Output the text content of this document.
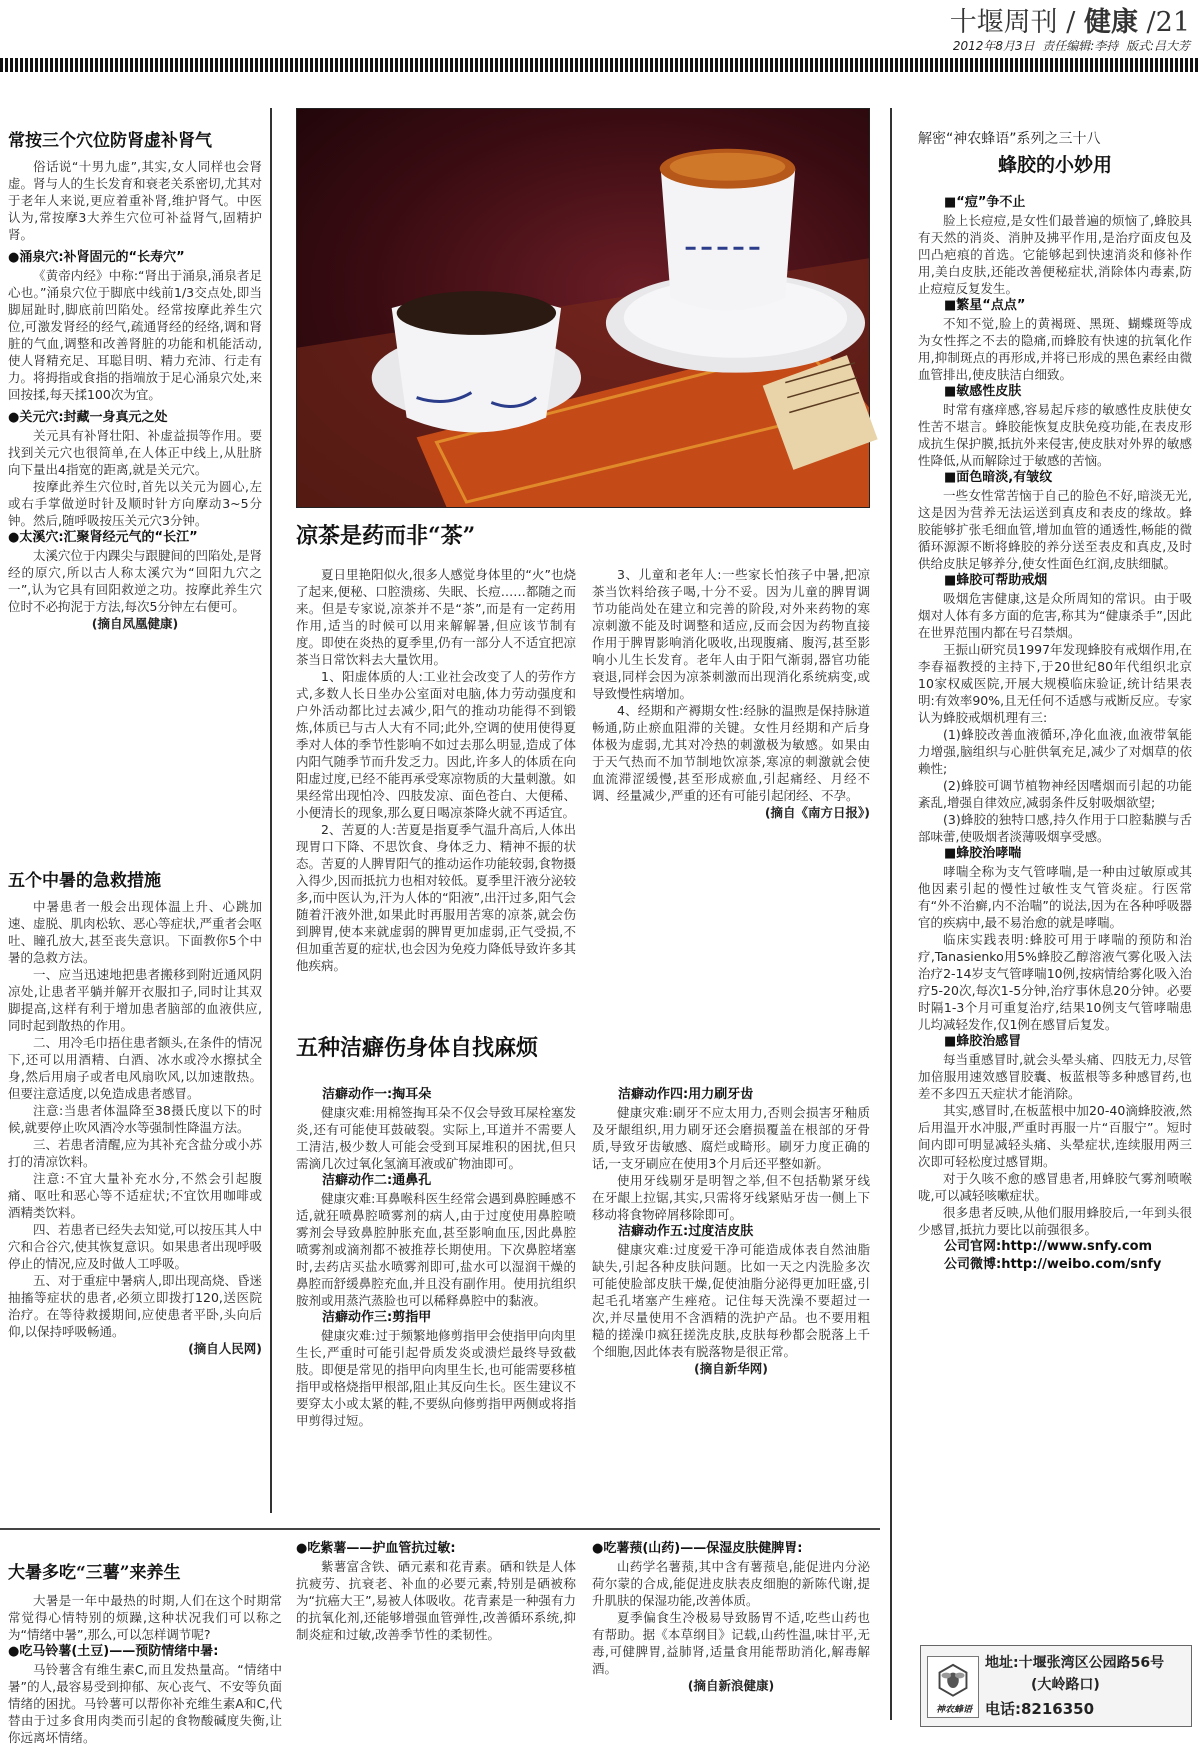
十堰周刊 / 健康 /21
2012年8月3日 责任编辑:李持 版式:吕大芳
常按三个穴位防肾虚补肾气
俗话说“十男九虚”,其实,女人同样也会肾虚。肾与人的生长发育和衰老关系密切,尤其对于老年人来说,更应着重补肾,维护肾气。中医认为,常按摩3大养生穴位可补益肾气,固精护肾。
●涌泉穴:补肾固元的“长寿穴”
《黄帝内经》中称:“肾出于涌泉,涌泉者足心也。”涌泉穴位于脚底中线前1/3交点处,即当脚屈趾时,脚底前凹陷处。经常按摩此养生穴位,可激发肾经的经气,疏通肾经的经络,调和肾脏的气血,调整和改善肾脏的功能和机能活动,使人肾精充足、耳聪目明、精力充沛、行走有力。将拇指或食指的指端放于足心涌泉穴处,来回按揉,每天揉100次为宜。
●关元穴:封藏一身真元之处
关元具有补肾壮阳、补虚益损等作用。要找到关元穴也很简单,在人体正中线上,从肚脐向下量出4指宽的距离,就是关元穴。
按摩此养生穴位时,首先以关元为圆心,左或右手掌做逆时针及顺时针方向摩动3~5分钟。然后,随呼吸按压关元穴3分钟。
●太溪穴:汇聚肾经元气的“长江”
太溪穴位于内踝尖与跟腱间的凹陷处,是肾经的原穴,所以古人称太溪穴为“回阳九穴之一”,认为它具有回阳救逆之功。按摩此养生穴位时不必拘泥于方法,每次5分钟左右便可。
(摘自凤凰健康)
五个中暑的急救措施
中暑患者一般会出现体温上升、心跳加速、虚脱、肌肉松软、恶心等症状,严重者会呕吐、瞳孔放大,甚至丧失意识。下面教你5个中暑的急救方法。
一、应当迅速地把患者搬移到附近通风阴凉处,让患者平躺并解开衣服扣子,同时让其双脚提高,这样有利于增加患者脑部的血液供应,同时起到散热的作用。
二、用冷毛巾捂住患者额头,在条件的情况下,还可以用酒精、白酒、冰水或冷水擦拭全身,然后用扇子或者电风扇吹风,以加速散热。但要注意适度,以免造成患者感冒。
注意:当患者体温降至38摄氏度以下的时候,就要停止吹风酒冷水等强制性降温方法。
三、若患者清醒,应为其补充含盐分或小苏打的清凉饮料。
注意:不宜大量补充水分,不然会引起腹痛、呕吐和恶心等不适症状;不宜饮用咖啡或酒精类饮料。
四、若患者已经失去知觉,可以按压其人中穴和合谷穴,使其恢复意识。如果患者出现呼吸停止的情况,应及时做人工呼吸。
五、对于重症中暑病人,即出现高烧、昏迷抽搐等症状的患者,必须立即拨打120,送医院治疗。在等待救援期间,应使患者平卧,头向后仰,以保持呼吸畅通。
(摘自人民网)
凉茶是药而非“茶”
夏日里艳阳似火,很多人感觉身体里的“火”也烧了起来,便秘、口腔溃疡、失眠、长痘……都随之而来。但是专家说,凉茶并不是“茶”,而是有一定药用作用,适当的时候可以用来解解暑,但应该节制有度。即使在炎热的夏季里,仍有一部分人不适宜把凉茶当日常饮料去大量饮用。
1、阳虚体质的人:工业社会改变了人的劳作方式,多数人长日坐办公室面对电脑,体力劳动强度和户外活动都比过去减少,阳气的推动功能得不到锻炼,体质已与古人大有不同;此外,空调的使用使得夏季对人体的季节性影响不如过去那么明显,造成了体内阳气随季节而升发乏力。因此,许多人的体质在向阳虚过度,已经不能再承受寒凉物质的大量刺激。如果经常出现怕冷、四肢发凉、面色苍白、大便稀、小便清长的现象,那么夏日喝凉茶降火就不再适宜。
2、苦夏的人:苦夏是指夏季气温升高后,人体出现胃口下降、不思饮食、身体乏力、精神不振的状态。苦夏的人脾胃阳气的推动运作功能较弱,食物摄入得少,因而抵抗力也相对较低。夏季里汗液分泌较多,而中医认为,汗为人体的“阳液”,出汗过多,阳气会随着汗液外泄,如果此时再服用苦寒的凉茶,就会伤到脾胃,使本来就虚弱的脾胃更加虚弱,正气受损,不但加重苦夏的症状,也会因为免疫力降低导致许多其他疾病。
3、儿童和老年人:一些家长怕孩子中暑,把凉茶当饮料给孩子喝,十分不妥。因为儿童的脾胃调节功能尚处在建立和完善的阶段,对外来药物的寒凉刺激不能及时调整和适应,反而会因为药物直接作用于脾胃影响消化吸收,出现腹痛、腹泻,甚至影响小儿生长发育。老年人由于阳气渐弱,器官功能衰退,同样会因为凉茶刺激而出现消化系统病变,或导致慢性病增加。
4、经期和产褥期女性:经脉的温煦是保持脉道畅通,防止瘀血阻滞的关键。女性月经期和产后身体极为虚弱,尤其对冷热的刺激极为敏感。如果由于天气热而不加节制地饮凉茶,寒凉的刺激就会使血流滞涩缓慢,甚至形成瘀血,引起痛经、月经不调、经量减少,严重的还有可能引起闭经、不孕。
(摘自《南方日报》)
五种洁癖伤身体自找麻烦
洁癖动作一:掏耳朵
健康灾难:用棉签掏耳朵不仅会导致耳屎栓塞发炎,还有可能使耳鼓破裂。实际上,耳道并不需要人工清洁,极少数人可能会受到耳屎堆积的困扰,但只需滴几次过氧化氢滴耳液或矿物油即可。
洁癖动作二:通鼻孔
健康灾难:耳鼻喉科医生经常会遇到鼻腔睡感不适,就狂喷鼻腔喷雾剂的病人,由于过度使用鼻腔喷雾剂会导致鼻腔肿胀充血,甚至影响血压,因此鼻腔喷雾剂或滴剂都不被推荐长期使用。下次鼻腔堵塞时,去药店买盐水喷雾剂即可,盐水可以湿润干燥的鼻腔而舒缓鼻腔充血,并且没有副作用。使用抗组织胺剂或用蒸汽蒸脸也可以稀释鼻腔中的黏液。
洁癖动作三:剪指甲
健康灾难:过于频繁地修剪指甲会使指甲向肉里生长,严重时可能引起骨质发炎或溃烂最终导致截肢。即便是常见的指甲向肉里生长,也可能需要移植指甲或格烧指甲根部,阻止其反向生长。医生建议不要穿太小或太紧的鞋,不要纵向修剪指甲两侧或将指甲剪得过短。
洁癖动作四:用力刷牙齿
健康灾难:刷牙不应太用力,否则会损害牙釉质及牙龈组织,用力刷牙还会磨损覆盖在根部的牙骨质,导致牙齿敏感、腐烂或畸形。刷牙力度正确的话,一支牙刷应在使用3个月后还平整如新。
使用牙线剔牙是明智之举,但不包括勒紧牙线在牙龈上拉锯,其实,只需将牙线紧贴牙齿一侧上下移动将食物碎屑移除即可。
洁癖动作五:过度洁皮肤
健康灾难:过度爱干净可能造成体表自然油脂缺失,引起各种皮肤问题。比如一天之内洗脸多次可能使脸部皮肤干燥,促使油脂分泌得更加旺盛,引起毛孔堵塞产生痤疮。记住每天洗澡不要超过一次,并尽量使用不含酒精的洗护产品。也不要用粗糙的搓澡巾疯狂搓洗皮肤,皮肤每秒都会脱落上千个细胞,因此体表有脱落物是很正常。
(摘自新华网)
大暑多吃“三薯”来养生
大暑是一年中最热的时期,人们在这个时期常常觉得心情特别的烦躁,这种状况我们可以称之为“情绪中暑”,那么,可以怎样调节呢?
●吃马铃薯(土豆)——预防情绪中暑:
马铃薯含有维生素C,而且发热量高。“情绪中暑”的人,最容易受到抑郁、灰心丧气、不安等负面情绪的困扰。马铃薯可以帮你补充维生素A和C,代替由于过多食用肉类而引起的食物酸碱度失衡,让你远离坏情绪。
●吃紫薯——护血管抗过敏:
紫薯富含铁、硒元素和花青素。硒和铁是人体抗疲劳、抗衰老、补血的必要元素,特别是硒被称为“抗癌大王”,易被人体吸收。花青素是一种强有力的抗氧化剂,还能够增强血管弹性,改善循环系统,抑制炎症和过敏,改善季节性的柔韧性。
●吃薯蓣(山药)——保湿皮肤健脾胃:
山药学名薯蓣,其中含有薯蓣皂,能促进内分泌荷尔蒙的合成,能促进皮肤表皮细胞的新陈代谢,提升肌肤的保湿功能,改善体质。
夏季偏食生冷极易导致肠胃不适,吃些山药也有帮助。据《本草纲目》记载,山药性温,味甘平,无毒,可健脾胃,益肺肾,适量食用能帮助消化,解毒解酒。
(摘自新浪健康)
解密“神农蜂语”系列之三十八
蜂胶的小妙用
■“痘”争不止
脸上长痘痘,是女性们最普遍的烦恼了,蜂胶具有天然的消炎、消肿及拂平作用,是治疗面皮包及凹凸疤痕的首选。它能够起到快速消炎和修补作用,美白皮肤,还能改善便秘症状,消除体内毒素,防止痘痘反复发生。
■繁星“点点”
不知不觉,脸上的黄褐斑、黑斑、蝴蝶斑等成为女性挥之不去的隐痛,而蜂胶有快速的抗氧化作用,抑制斑点的再形成,并将已形成的黑色素经由微血管排出,使皮肤洁白细致。
■敏感性皮肤
时常有瘙痒感,容易起斥疹的敏感性皮肤使女性苦不堪言。蜂胶能恢复皮肤免疫功能,在表皮形成抗生保护膜,抵抗外来侵害,使皮肤对外界的敏感性降低,从而解除过于敏感的苦恼。
■面色暗淡,有皱纹
一些女性常苦恼于自己的脸色不好,暗淡无光,这是因为营养无法运送到真皮和表皮的缘故。蜂胶能够扩张毛细血管,增加血管的通透性,畅能的微循环源源不断将蜂胶的养分送至表皮和真皮,及时供给皮肤足够养分,使女性面色红润,皮肤细腻。
■蜂胶可帮助戒烟
吸烟危害健康,这是众所周知的常识。由于吸烟对人体有多方面的危害,称其为“健康杀手”,因此在世界范围内都在号召禁烟。
王振山研究员1997年发现蜂胶有戒烟作用,在李春福教授的主持下,于20世纪80年代组织北京10家权威医院,开展大规模临床验证,统计结果表明:有效率90%,且无任何不适感与戒断反应。专家认为蜂胶戒烟机理有三:
(1)蜂胶改善血液循环,净化血液,血液带氧能力增强,脑组织与心脏供氧充足,减少了对烟草的依赖性;
(2)蜂胶可调节植物神经因嗜烟而引起的功能紊乱,增强自律效应,减弱条件反射吸烟欲望;
(3)蜂胶的独特口感,持久作用于口腔黏膜与舌部味蕾,使吸烟者淡薄吸烟享受感。
■蜂胶治哮喘
哮喘全称为支气管哮喘,是一种由过敏原或其他因素引起的慢性过敏性支气管炎症。行医常有“外不治癣,内不治喘”的说法,因为在各种呼吸器官的疾病中,最不易治愈的就是哮喘。
临床实践表明:蜂胶可用于哮喘的预防和治疗,Tanasienko用5%蜂胶乙醇溶液气雾化吸入法治疗2-14岁支气管哮喘10例,按病情给雾化吸入治疗5-20次,每次1-5分钟,治疗事休息20分钟。必要时隔1-3个月可重复治疗,结果10例支气管哮喘患儿均减轻发作,仅1例在感冒后复发。
■蜂胶治感冒
每当重感冒时,就会头晕头痛、四肢无力,尽管加倍服用速效感冒胶囊、板蓝根等多种感冒药,也差不多四五天症状才能消除。
其实,感冒时,在板蓝根中加20-40滴蜂胶液,然后用温开水冲服,严重时再服一片“百服宁”。短时间内即可明显减轻头痛、头晕症状,连续服用两三次即可轻松度过感冒期。
对于久咳不愈的感冒患者,用蜂胶气雾剂喷喉咙,可以减轻咳嗽症状。
很多患者反映,从他们服用蜂胶后,一年到头很少感冒,抵抗力要比以前强很多。
公司官网:http://www.snfy.com
公司微博:http://weibo.com/snfy
神农蜂语
地址:十堰张湾区公园路56号
(大岭路口)
电话:8216350
